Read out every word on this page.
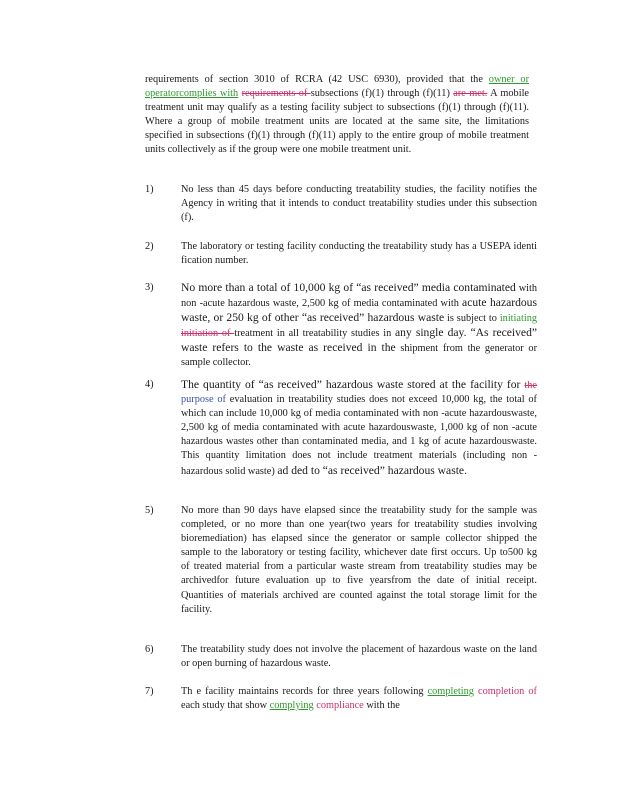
requirements of section 3010 of RCRA (42 USC 6930), provided that the owner or operatorcomplies with requirements of subsections (f)(1) through (f)(11) are met. A mobile treatment unit may qualify as a testing facility subject to subsections (f)(1) through (f)(11). Where a group of mobile treatment units are located at the same site, the limitations specified in subsections (f)(1) through (f)(11) apply to the entire group of mobile treatment units collectively as if the group were one mobile treatment unit.
1)	No less than 45 days before conducting treatability studies, the facility notifies the Agency in writing that it intends to conduct treatability studies under this subsection (f).
2)	The laboratory or testing facility conducting the treatability study has a USEPA identi fication number.
3) No more than a total of 10,000 kg of “as received” media contaminated with non -acute hazardous waste, 2,500 kg of media contaminated with acute hazardous waste, or 250 kg of other “as received” hazardous waste is subject to initiating initiation of treatment in all treatability studies in any single day. “As received” waste refers to the waste as received in the shipment from the generator or sample collector.
4) The quantity of “as received” hazardous waste stored at the facility for the purpose of evaluation in treatability studies does not exceed 10,000 kg, the total of which can include 10,000 kg of media contaminated with non -acute hazardouswaste, 2,500 kg of media contaminated with acute hazardouswaste, 1,000 kg of non -acute hazardous wastes other than contaminated media, and 1 kg of acute hazardouswaste. This quantity limitation does not include treatment materials (including non -hazardous solid waste) ad ded to “as received” hazardous waste.
5)	No more than 90 days have elapsed since the treatability study for the sample was completed, or no more than one year(two years for treatability studies involving bioremediation) has elapsed since the generator or sample collector shipped the sample to the laboratory or testing facility, whichever date first occurs. Up to500 kg of treated material from a particular waste stream from treatability studies may be archivedfor future evaluation up to five yearsfrom the date of initial receipt. Quantities of materials archived are counted against the total storage limit for the facility.
6)	The treatability study does not involve the placement of hazardous waste on the land or open burning of hazardous waste.
7)	Th e facility maintains records for three years following completing completion of each study that show complying compliance with the
